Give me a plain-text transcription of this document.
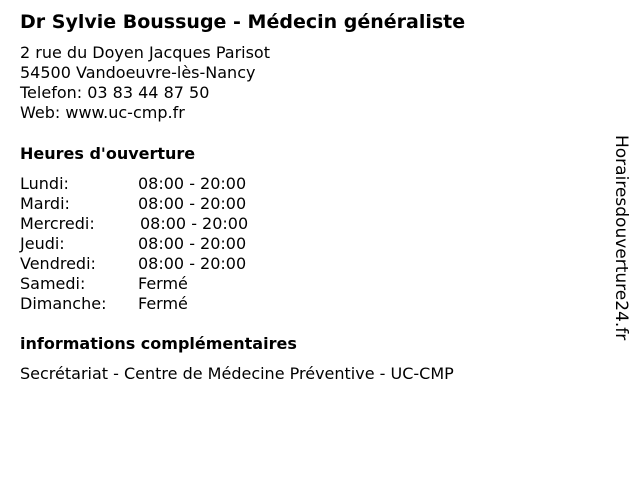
Dr Sylvie Boussuge - Médecin généraliste
2 rue du Doyen Jacques Parisot
54500 Vandoeuvre-lès-Nancy
Telefon: 03 83 44 87 50
Web: www.uc-cmp.fr
Heures d'ouverture
Lundi:	08:00 - 20:00
Mardi:	08:00 - 20:00
Mercredi:	08:00 - 20:00
Jeudi:	08:00 - 20:00
Vendredi:	08:00 - 20:00
Samedi:	Fermé
Dimanche: Fermé
informations complémentaires
Secrétariat - Centre de Médecine Préventive - UC-CMP
Horairesdouverture24.fr
